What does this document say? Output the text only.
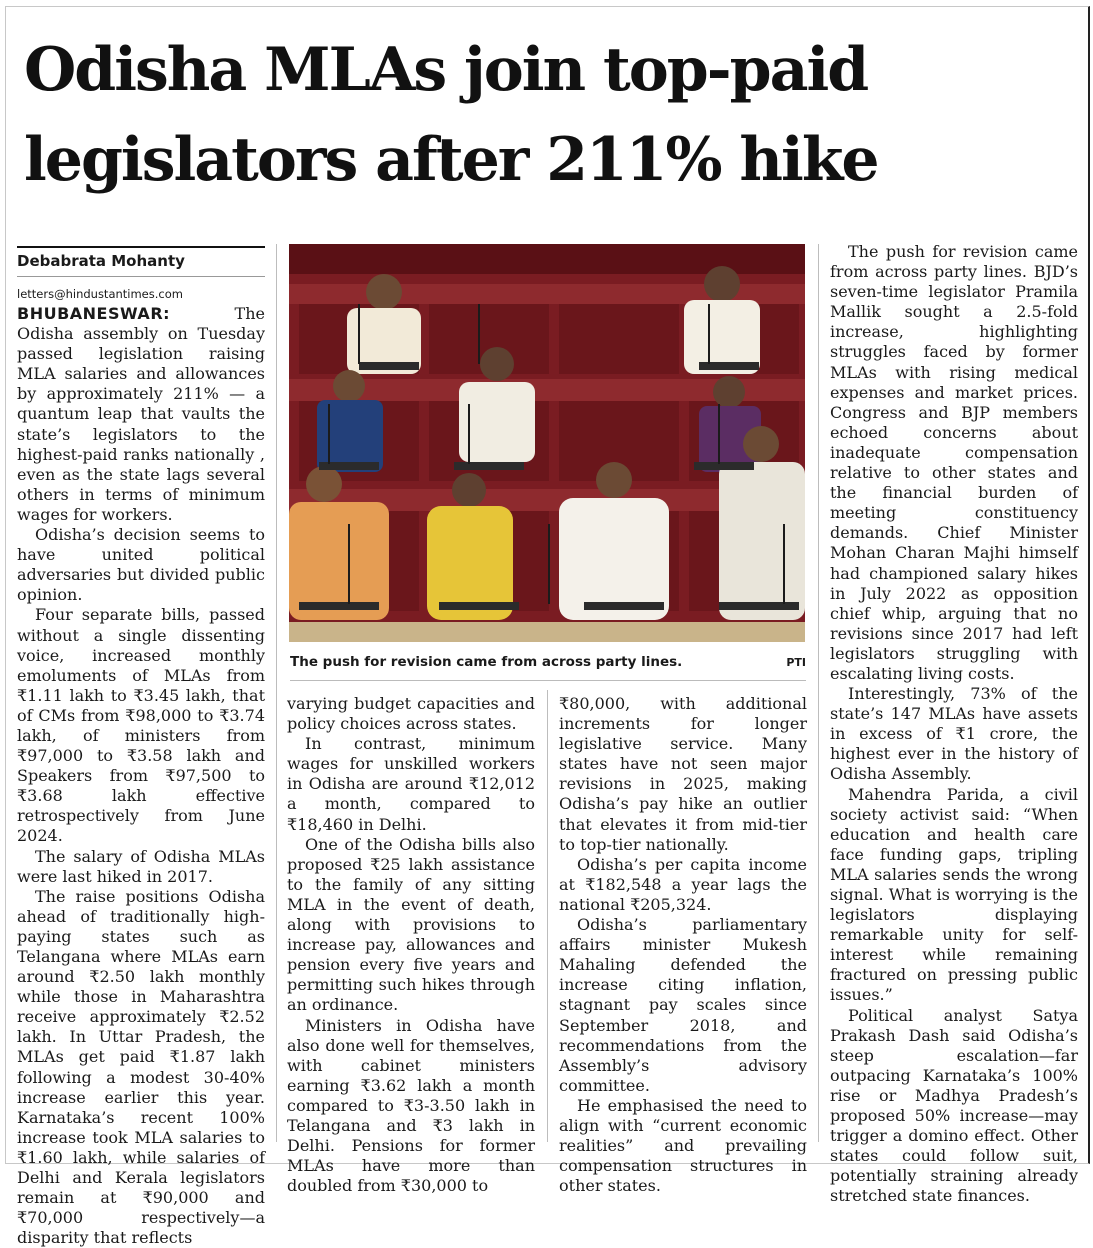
Odisha MLAs join top-paid
legislators after 211% hike
Debabrata Mohanty
letters@hindustantimes.com

BHUBANESWAR: The Odisha assembly on Tuesday passed legislation raising MLA salaries and allowances by approximately 211% — a quantum leap that vaults the state’s legislators to the highest-paid ranks nationally , even as the state lags several others in terms of minimum wages for workers.

Odisha’s decision seems to have united political adversaries but divided public opinion.

Four separate bills, passed without a single dissenting voice, increased monthly emoluments of MLAs from ₹1.11 lakh to ₹3.45 lakh, that of CMs from ₹98,000 to ₹3.74 lakh, of ministers from ₹97,000 to ₹3.58 lakh and Speakers from ₹97,500 to ₹3.68 lakh effective retrospectively from June 2024.

The salary of Odisha MLAs were last hiked in 2017.

The raise positions Odisha ahead of traditionally high-paying states such as Telangana where MLAs earn around ₹2.50 lakh monthly while those in Maharashtra receive approximately ₹2.52 lakh. In Uttar Pradesh, the MLAs get paid ₹1.87 lakh following a modest 30-40% increase earlier this year. Karnataka’s recent 100% increase took MLA salaries to ₹1.60 lakh, while salaries of Delhi and Kerala legislators remain at ₹90,000 and ₹70,000 respectively—a disparity that reflects

The push for revision came from across party lines.	PTI

varying budget capacities and policy choices across states.

In contrast, minimum wages for unskilled workers in Odisha are around ₹12,012 a month, compared to ₹18,460 in Delhi.

One of the Odisha bills also proposed ₹25 lakh assistance to the family of any sitting MLA in the event of death, along with provisions to increase pay, allowances and pension every five years and permitting such hikes through an ordinance.

Ministers in Odisha have also done well for themselves, with cabinet ministers earning ₹3.62 lakh a month compared to ₹3-3.50 lakh in Telangana and ₹3 lakh in Delhi. Pensions for former MLAs have more than doubled from ₹30,000 to

₹80,000, with additional increments for longer legislative service. Many states have not seen major revisions in 2025, making Odisha’s pay hike an outlier that elevates it from mid-tier to top-tier nationally.

Odisha’s per capita income at ₹182,548 a year lags the national ₹205,324.

Odisha’s parliamentary affairs minister Mukesh Mahaling defended the increase citing inflation, stagnant pay scales since September 2018, and recommendations from the Assembly’s advisory committee.

He emphasised the need to align with “current economic realities” and prevailing compensation structures in other states.

The push for revision came from across party lines. BJD’s seven-time legislator Pramila Mallik sought a 2.5-fold increase, highlighting struggles faced by former MLAs with rising medical expenses and market prices. Congress and BJP members echoed concerns about inadequate compensation relative to other states and the financial burden of meeting constituency demands. Chief Minister Mohan Charan Majhi himself had championed salary hikes in July 2022 as opposition chief whip, arguing that no revisions since 2017 had left legislators struggling with escalating living costs.

Interestingly, 73% of the state’s 147 MLAs have assets in excess of ₹1 crore, the highest ever in the history of Odisha Assembly.

Mahendra Parida, a civil society activist said: “When education and health care face funding gaps, tripling MLA salaries sends the wrong signal. What is worrying is the legislators displaying remarkable unity for self-interest while remaining fractured on pressing public issues.”

Political analyst Satya Prakash Dash said Odisha’s steep escalation—far outpacing Karnataka’s 100% rise or Madhya Pradesh’s proposed 50% increase—may trigger a domino effect. Other states could follow suit, potentially straining already stretched state finances.
